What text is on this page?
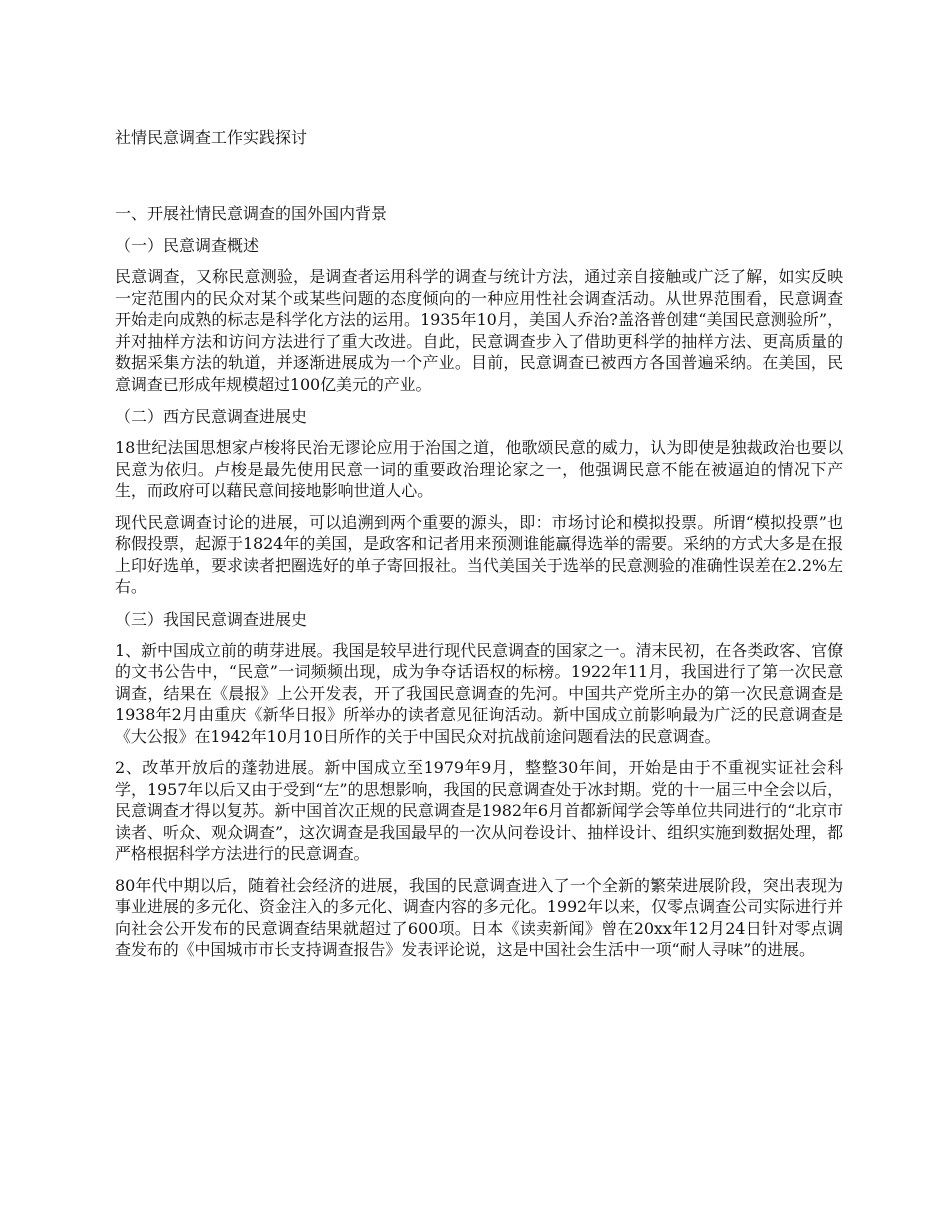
社情民意调查工作实践探讨
一、开展社情民意调查的国外国内背景
（一）民意调查概述

民意调查，又称民意测验，是调查者运用科学的调查与统计方法，通过亲自接触或广泛了解，如实反映一定范围内的民众对某个或某些问题的态度倾向的一种应用性社会调查活动。从世界范围看，民意调查开始走向成熟的标志是科学化方法的运用。1935年10月，美国人乔治?盖洛普创建“美国民意测验所”，并对抽样方法和访问方法进行了重大改进。自此，民意调查步入了借助更科学的抽样方法、更高质量的数据采集方法的轨道，并逐渐进展成为一个产业。目前，民意调查已被西方各国普遍采纳。在美国，民意调查已形成年规模超过100亿美元的产业。

（二）西方民意调查进展史

18世纪法国思想家卢梭将民治无谬论应用于治国之道，他歌颂民意的威力，认为即使是独裁政治也要以民意为依归。卢梭是最先使用民意一词的重要政治理论家之一，他强调民意不能在被逼迫的情况下产生，而政府可以藉民意间接地影响世道人心。

现代民意调查讨论的进展，可以追溯到两个重要的源头，即：市场讨论和模拟投票。所谓“模拟投票”也称假投票，起源于1824年的美国，是政客和记者用来预测谁能赢得选举的需要。采纳的方式大多是在报上印好选单，要求读者把圈选好的单子寄回报社。当代美国关于选举的民意测验的准确性误差在2.2%左右。

（三）我国民意调查进展史

1、新中国成立前的萌芽进展。我国是较早进行现代民意调查的国家之一。清末民初，在各类政客、官僚的文书公告中，“民意”一词频频出现，成为争夺话语权的标榜。1922年11月，我国进行了第一次民意调查，结果在《晨报》上公开发表，开了我国民意调查的先河。中国共产党所主办的第一次民意调查是1938年2月由重庆《新华日报》所举办的读者意见征询活动。新中国成立前影响最为广泛的民意调查是《大公报》在1942年10月10日所作的关于中国民众对抗战前途问题看法的民意调查。

2、改革开放后的蓬勃进展。新中国成立至1979年9月，整整30年间，开始是由于不重视实证社会科学，1957年以后又由于受到“左”的思想影响，我国的民意调查处于冰封期。党的十一届三中全会以后，民意调查才得以复苏。新中国首次正规的民意调查是1982年6月首都新闻学会等单位共同进行的“北京市读者、听众、观众调查”，这次调查是我国最早的一次从问卷设计、抽样设计、组织实施到数据处理，都严格根据科学方法进行的民意调查。

80年代中期以后，随着社会经济的进展，我国的民意调查进入了一个全新的繁荣进展阶段，突出表现为事业进展的多元化、资金注入的多元化、调查内容的多元化。1992年以来，仅零点调查公司实际进行并向社会公开发布的民意调查结果就超过了600项。日本《读卖新闻》曾在20xx年12月24日针对零点调查发布的《中国城市市长支持调查报告》发表评论说，这是中国社会生活中一项“耐人寻味”的进展。
